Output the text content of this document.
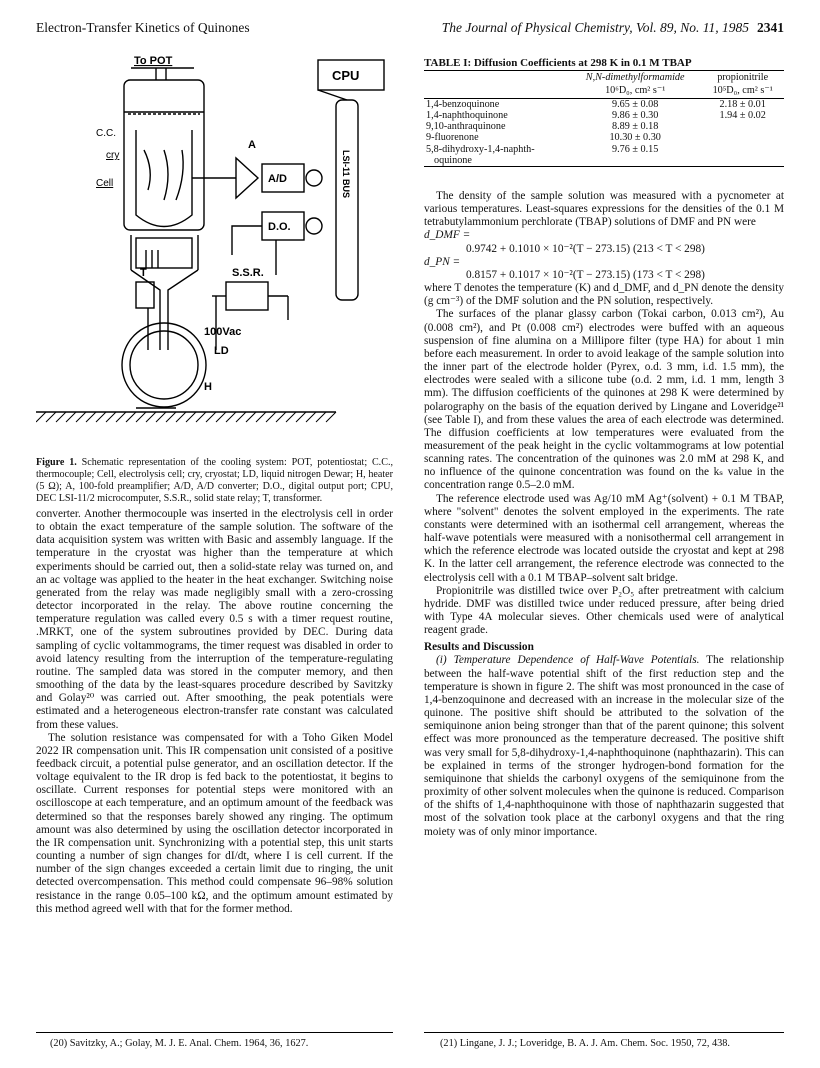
Electron-Transfer Kinetics of Quinones	The Journal of Physical Chemistry, Vol. 89, No. 11, 1985 2341
To POT
CPU
A
A/D
D.O.
LSI-11 BUS
C.C.
cry
Cell
T	S.S.R.
100Vac
LD
H
Figure 1. Schematic representation of the cooling system: POT, potentiostat; C.C., thermocouple; Cell, electrolysis cell; cry, cryostat; LD, liquid nitrogen Dewar; H, heater (5 Ω); A, 100-fold preamplifier; A/D, A/D converter; D.O., digital output port; CPU, DEC LSI-11/2 microcomputer, S.S.R., solid state relay; T, transformer.

converter. Another thermocouple was inserted in the electrolysis cell in order to obtain the exact temperature of the sample solution. The software of the data acquisition system was written with Basic and assembly language. If the temperature in the cryostat was higher than the temperature at which experiments should be carried out, then a solid-state relay was turned on, and an ac voltage was applied to the heater in the heat exchanger. Switching noise generated from the relay was made negligibly small with a zero-crossing detector incorporated in the relay. The above routine concerning the temperature regulation was called every 0.5 s with a timer request routine, .MRKT, one of the system subroutines provided by DEC. During data sampling of cyclic voltammograms, the timer request was disabled in order to avoid latency resulting from the interruption of the temperature-regulating routine. The sampled data was stored in the computer memory, and then smoothing of the data by the least-squares procedure described by Savitzky and Golay²⁰ was carried out. After smoothing, the peak potentials were estimated and a heterogeneous electron-transfer rate constant was calculated from these values.

The solution resistance was compensated for with a Toho Giken Model 2022 IR compensation unit. This IR compensation unit consisted of a positive feedback circuit, a potential pulse generator, and an oscillation detector. If the voltage equivalent to the IR drop is fed back to the potentiostat, it begins to oscillate. Current responses for potential steps were monitored with an oscilloscope at each temperature, and an optimum amount of the feedback was determined so that the responses barely showed any ringing. The optimum amount was also determined by using the oscillation detector incorporated in the IR compensation unit. Synchronizing with a potential step, this unit starts counting a number of sign changes for dI/dt, where I is cell current. If the number of the sign changes exceeded a certain limit due to ringing, the unit detected overcompensation. This method could compensate 96–98% solution resistance in the range 0.05–100 kΩ, and the optimum amount estimated by this method agreed well with that for the former method.

TABLE I: Diffusion Coefficients at 298 K in 0.1 M TBAP
	N,N-dimethylformamide	propionitrile
	10⁶D₀, cm² s⁻¹	10⁵D₀, cm² s⁻¹
1,4-benzoquinone	9.65 ± 0.08	2.18 ± 0.01
1,4-naphthoquinone	9.86 ± 0.30	1.94 ± 0.02
9,10-anthraquinone	8.89 ± 0.18	
9-fluorenone	10.30 ± 0.30	
5,8-dihydroxy-1,4-naphth-	9.76 ± 0.15	
oquinone		

The density of the sample solution was measured with a pycnometer at various temperatures. Least-squares expressions for the densities of the 0.1 M tetrabutylammonium perchlorate (TBAP) solutions of DMF and PN were

d_DMF =

0.9742 + 0.1010 × 10⁻²(T − 273.15) (213 < T < 298)

d_PN =

0.8157 + 0.1017 × 10⁻²(T − 273.15) (173 < T < 298)

where T denotes the temperature (K) and d_DMF, and d_PN denote the density (g cm⁻³) of the DMF solution and the PN solution, respectively.

The surfaces of the planar glassy carbon (Tokai carbon, 0.013 cm²), Au (0.008 cm²), and Pt (0.008 cm²) electrodes were buffed with an aqueous suspension of fine alumina on a Millipore filter (type HA) for about 1 min before each measurement. In order to avoid leakage of the sample solution into the inner part of the electrode holder (Pyrex, o.d. 3 mm, i.d. 1.5 mm), the electrodes were sealed with a silicone tube (o.d. 2 mm, i.d. 1 mm, length 3 mm). The diffusion coefficients of the quinones at 298 K were determined by polarography on the basis of the equation derived by Lingane and Loveridge²¹ (see Table I), and from these values the area of each electrode was determined. The diffusion coefficients at low temperatures were evaluated from the measurement of the peak height in the cyclic voltammograms at low potential scanning rates. The concentration of the quinones was 2.0 mM at 298 K, and no influence of the quinone concentration was found on the kₛ value in the concentration range 0.5–2.0 mM.

The reference electrode used was Ag/10 mM Ag⁺(solvent) + 0.1 M TBAP, where "solvent" denotes the solvent employed in the experiments. The rate constants were determined with an isothermal cell arrangement, whereas the half-wave potentials were measured with a nonisothermal cell arrangement in which the reference electrode was located outside the cryostat and kept at 298 K. In the latter cell arrangement, the reference electrode was connected to the electrolysis cell with a 0.1 M TBAP–solvent salt bridge.

Propionitrile was distilled twice over P₂O₅ after pretreatment with calcium hydride. DMF was distilled twice under reduced pressure, after being dried with Type 4A molecular sieves. Other chemicals used were of analytical reagent grade.

Results and Discussion

(i) Temperature Dependence of Half-Wave Potentials. The relationship between the half-wave potential shift of the first reduction step and the temperature is shown in figure 2. The shift was most pronounced in the case of 1,4-benzoquinone and decreased with an increase in the molecular size of the quinone. The positive shift should be attributed to the solvation of the semiquinone anion being stronger than that of the parent quinone; this solvent effect was more pronounced as the temperature decreased. The positive shift was very small for 5,8-dihydroxy-1,4-naphthoquinone (naphthazarin). This can be explained in terms of the stronger hydrogen-bond formation for the semiquinone that shields the carbonyl oxygens of the semiquinone from the proximity of other solvent molecules when the quinone is reduced. Comparison of the shifts of 1,4-naphthoquinone with those of naphthazarin suggested that most of the solvation took place at the carbonyl oxygens and that the ring moiety was of only minor importance.

(20) Savitzky, A.; Golay, M. J. E. Anal. Chem. 1964, 36, 1627.	(21) Lingane, J. J.; Loveridge, B. A. J. Am. Chem. Soc. 1950, 72, 438.
